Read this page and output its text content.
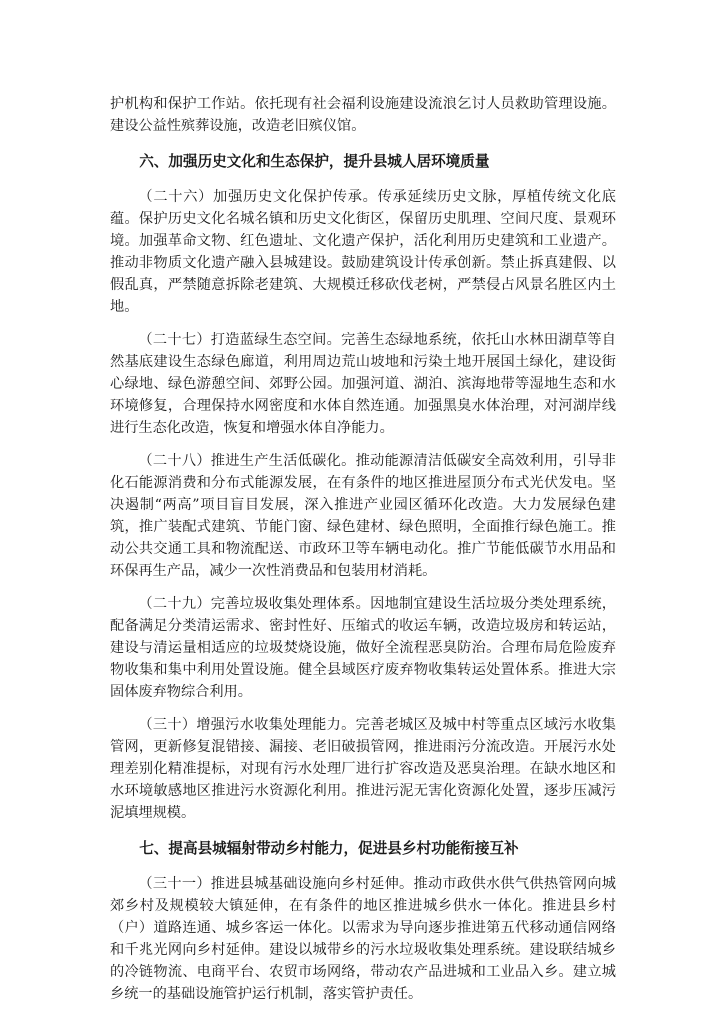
护机构和保护工作站。依托现有社会福利设施建设流浪乞讨人员救助管理设施。建设公益性殡葬设施，改造老旧殡仪馆。

六、加强历史文化和生态保护，提升县城人居环境质量

（二十六）加强历史文化保护传承。传承延续历史文脉，厚植传统文化底蕴。保护历史文化名城名镇和历史文化街区，保留历史肌理、空间尺度、景观环境。加强革命文物、红色遗址、文化遗产保护，活化利用历史建筑和工业遗产。推动非物质文化遗产融入县城建设。鼓励建筑设计传承创新。禁止拆真建假、以假乱真，严禁随意拆除老建筑、大规模迁移砍伐老树，严禁侵占风景名胜区内土地。

（二十七）打造蓝绿生态空间。完善生态绿地系统，依托山水林田湖草等自然基底建设生态绿色廊道，利用周边荒山坡地和污染土地开展国土绿化，建设街心绿地、绿色游憩空间、郊野公园。加强河道、湖泊、滨海地带等湿地生态和水环境修复，合理保持水网密度和水体自然连通。加强黑臭水体治理，对河湖岸线进行生态化改造，恢复和增强水体自净能力。

（二十八）推进生产生活低碳化。推动能源清洁低碳安全高效利用，引导非化石能源消费和分布式能源发展，在有条件的地区推进屋顶分布式光伏发电。坚决遏制“两高”项目盲目发展，深入推进产业园区循环化改造。大力发展绿色建筑，推广装配式建筑、节能门窗、绿色建材、绿色照明，全面推行绿色施工。推动公共交通工具和物流配送、市政环卫等车辆电动化。推广节能低碳节水用品和环保再生产品，减少一次性消费品和包装用材消耗。

（二十九）完善垃圾收集处理体系。因地制宜建设生活垃圾分类处理系统，配备满足分类清运需求、密封性好、压缩式的收运车辆，改造垃圾房和转运站，建设与清运量相适应的垃圾焚烧设施，做好全流程恶臭防治。合理布局危险废弃物收集和集中利用处置设施。健全县域医疗废弃物收集转运处置体系。推进大宗固体废弃物综合利用。

（三十）增强污水收集处理能力。完善老城区及城中村等重点区域污水收集管网，更新修复混错接、漏接、老旧破损管网，推进雨污分流改造。开展污水处理差别化精准提标，对现有污水处理厂进行扩容改造及恶臭治理。在缺水地区和水环境敏感地区推进污水资源化利用。推进污泥无害化资源化处置，逐步压减污泥填埋规模。

七、提高县城辐射带动乡村能力，促进县乡村功能衔接互补

（三十一）推进县城基础设施向乡村延伸。推动市政供水供气供热管网向城郊乡村及规模较大镇延伸，在有条件的地区推进城乡供水一体化。推进县乡村（户）道路连通、城乡客运一体化。以需求为导向逐步推进第五代移动通信网络和千兆光网向乡村延伸。建设以城带乡的污水垃圾收集处理系统。建设联结城乡的冷链物流、电商平台、农贸市场网络，带动农产品进城和工业品入乡。建立城乡统一的基础设施管护运行机制，落实管护责任。
